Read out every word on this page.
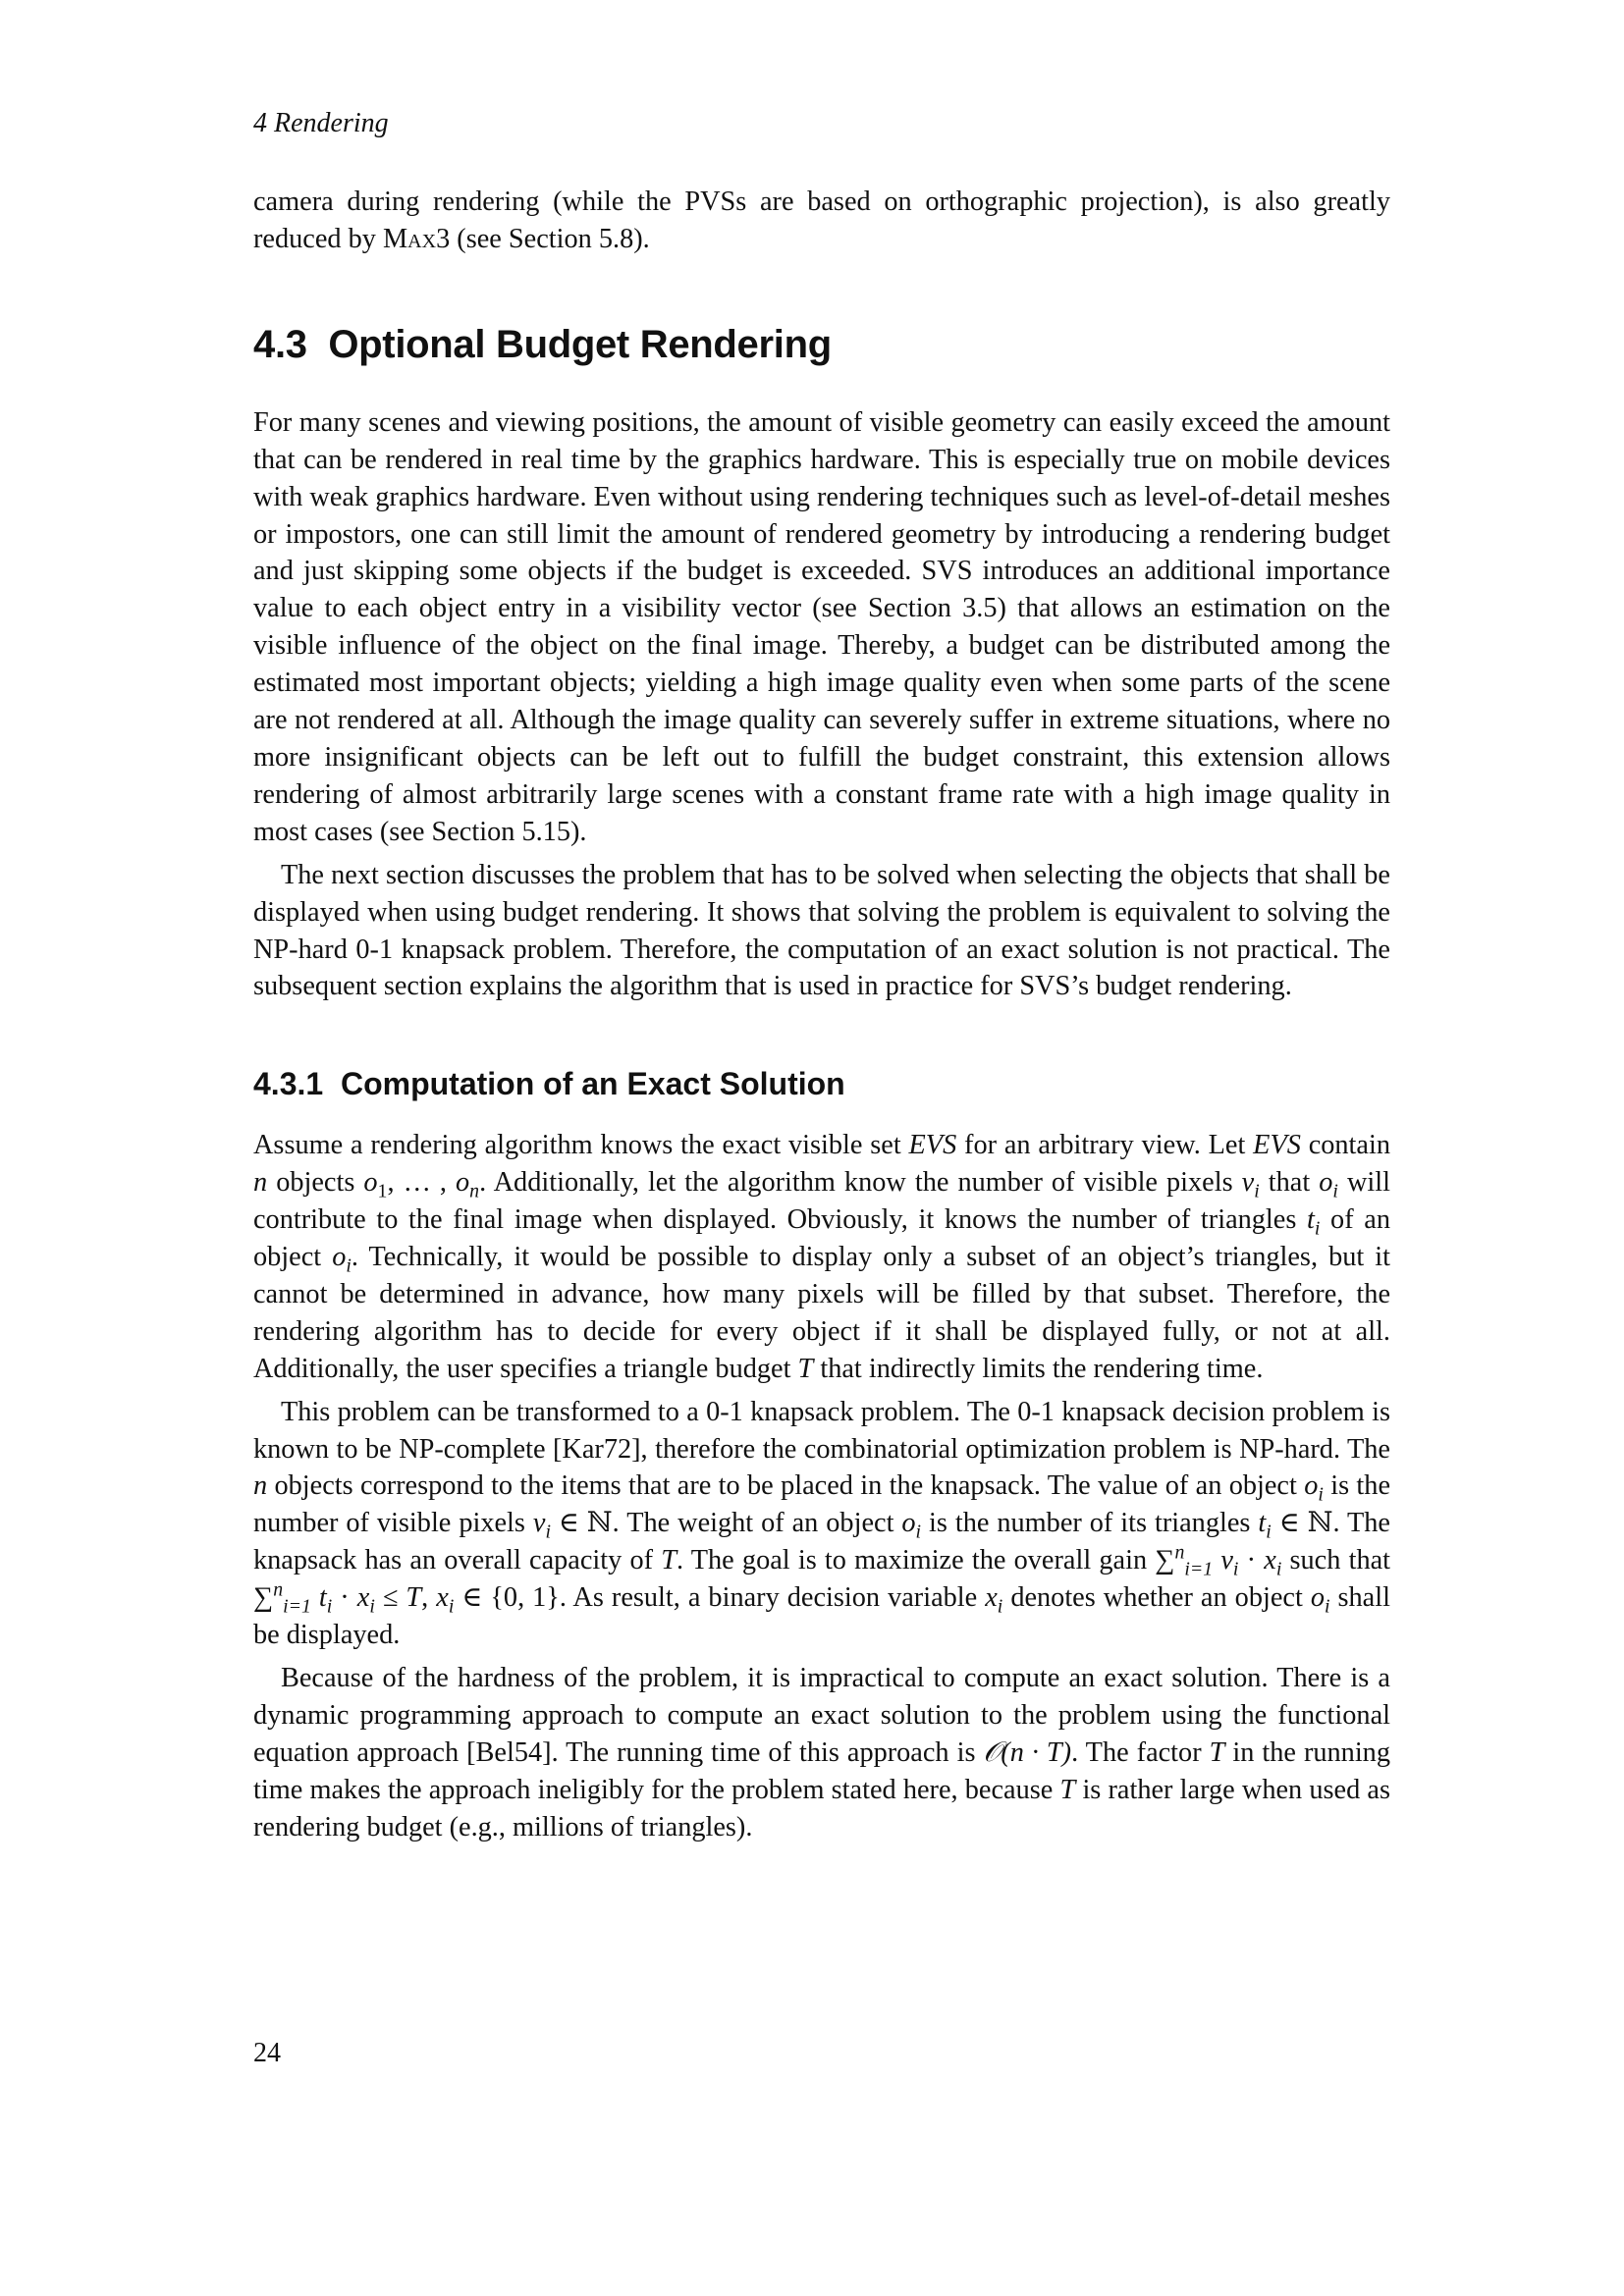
4 Rendering

camera during rendering (while the PVSs are based on orthographic projection), is also greatly reduced by Max3 (see Section 5.8).

4.3 Optional Budget Rendering

For many scenes and viewing positions, the amount of visible geometry can easily exceed the amount that can be rendered in real time by the graphics hardware. This is especially true on mobile devices with weak graphics hardware. Even without using rendering techniques such as level-of-detail meshes or impostors, one can still limit the amount of rendered geometry by introducing a rendering budget and just skipping some objects if the budget is exceeded. SVS introduces an additional importance value to each object entry in a visibility vector (see Section 3.5) that allows an estimation on the visible influence of the object on the final image. Thereby, a budget can be distributed among the estimated most important objects; yielding a high image quality even when some parts of the scene are not rendered at all. Although the image quality can severely suffer in extreme situations, where no more insignificant objects can be left out to fulfill the budget constraint, this extension allows rendering of almost arbitrarily large scenes with a constant frame rate with a high image quality in most cases (see Section 5.15).

The next section discusses the problem that has to be solved when selecting the objects that shall be displayed when using budget rendering. It shows that solving the problem is equivalent to solving the NP-hard 0-1 knapsack problem. Therefore, the computation of an exact solution is not practical. The subsequent section explains the algorithm that is used in practice for SVS’s budget rendering.

4.3.1 Computation of an Exact Solution

Assume a rendering algorithm knows the exact visible set EVS for an arbitrary view. Let EVS contain n objects $o_1$, … , $o_n$. Additionally, let the algorithm know the number of visible pixels $v_i$ that $o_i$ will contribute to the final image when displayed. Obviously, it knows the number of triangles $t_i$ of an object $o_i$. Technically, it would be possible to display only a subset of an object’s triangles, but it cannot be determined in advance, how many pixels will be filled by that subset. Therefore, the rendering algorithm has to decide for every object if it shall be displayed fully, or not at all. Additionally, the user specifies a triangle budget T that indirectly limits the rendering time.

This problem can be transformed to a 0-1 knapsack problem. The 0-1 knapsack decision problem is known to be NP-complete [Kar72], therefore the combinatorial optimization problem is NP-hard. The n objects correspond to the items that are to be placed in the knapsack. The value of an object $o_i$ is the number of visible pixels $v_i$ ∈ ℕ. The weight of an object $o_i$ is the number of its triangles $t_i$ ∈ ℕ. The knapsack has an overall capacity of T. The goal is to maximize the overall gain ∑$^n_{i=1}$ $v_i \cdot x_i$ such that ∑$^n_{i=1}$ $t_i \cdot x_i \le T$, $x_i$ ∈ {0, 1}. As result, a binary decision variable $x_i$ denotes whether an object $o_i$ shall be displayed.

Because of the hardness of the problem, it is impractical to compute an exact solution. There is a dynamic programming approach to compute an exact solution to the problem using the functional equation approach [Bel54]. The running time of this approach is 𝒪(n · T). The factor T in the running time makes the approach ineligibly for the problem stated here, because T is rather large when used as rendering budget (e.g., millions of triangles).

24
